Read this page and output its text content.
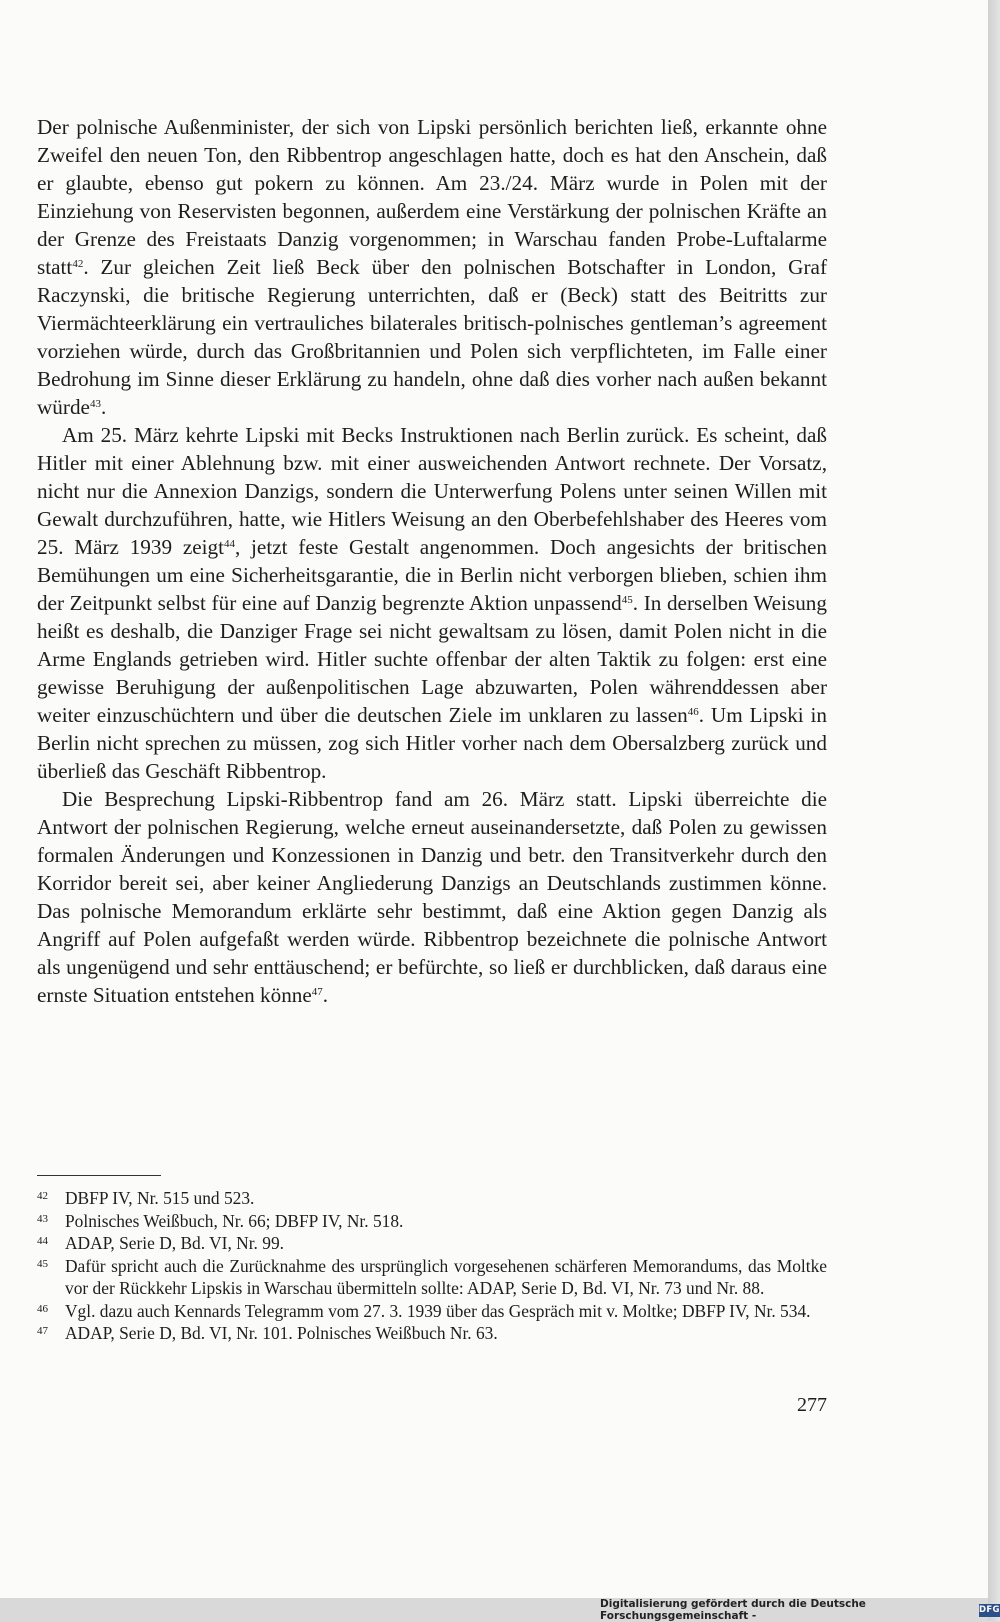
Der polnische Außenminister, der sich von Lipski persönlich berichten ließ, erkannte ohne Zweifel den neuen Ton, den Ribbentrop angeschlagen hatte, doch es hat den Anschein, daß er glaubte, ebenso gut pokern zu können. Am 23./24. März wurde in Polen mit der Einziehung von Reservisten begonnen, außerdem eine Verstärkung der polnischen Kräfte an der Grenze des Freistaats Danzig vorgenommen; in Warschau fanden Probe-Luftalarme statt$^{42}$. Zur gleichen Zeit ließ Beck über den polnischen Botschafter in London, Graf Raczynski, die britische Regierung unterrichten, daß er (Beck) statt des Beitritts zur Viermächteerklärung ein vertrauliches bilaterales britisch-polnisches gentleman’s agreement vorziehen würde, durch das Großbritannien und Polen sich verpflichteten, im Falle einer Bedrohung im Sinne dieser Erklärung zu handeln, ohne daß dies vorher nach außen bekannt würde$^{43}$.

Am 25. März kehrte Lipski mit Becks Instruktionen nach Berlin zurück. Es scheint, daß Hitler mit einer Ablehnung bzw. mit einer ausweichenden Antwort rechnete. Der Vorsatz, nicht nur die Annexion Danzigs, sondern die Unterwerfung Polens unter seinen Willen mit Gewalt durchzuführen, hatte, wie Hitlers Weisung an den Oberbefehlshaber des Heeres vom 25. März 1939 zeigt$^{44}$, jetzt feste Gestalt angenommen. Doch angesichts der britischen Bemühungen um eine Sicherheitsgarantie, die in Berlin nicht verborgen blieben, schien ihm der Zeitpunkt selbst für eine auf Danzig begrenzte Aktion unpassend$^{45}$. In derselben Weisung heißt es deshalb, die Danziger Frage sei nicht gewaltsam zu lösen, damit Polen nicht in die Arme Englands getrieben wird. Hitler suchte offenbar der alten Taktik zu folgen: erst eine gewisse Beruhigung der außenpolitischen Lage abzuwarten, Polen währenddessen aber weiter einzuschüchtern und über die deutschen Ziele im unklaren zu lassen$^{46}$. Um Lipski in Berlin nicht sprechen zu müssen, zog sich Hitler vorher nach dem Obersalzberg zurück und überließ das Geschäft Ribbentrop.

Die Besprechung Lipski-Ribbentrop fand am 26. März statt. Lipski überreichte die Antwort der polnischen Regierung, welche erneut auseinandersetzte, daß Polen zu gewissen formalen Änderungen und Konzessionen in Danzig und betr. den Transitverkehr durch den Korridor bereit sei, aber keiner Angliederung Danzigs an Deutschlands zustimmen könne. Das polnische Memorandum erklärte sehr bestimmt, daß eine Aktion gegen Danzig als Angriff auf Polen aufgefaßt werden würde. Ribbentrop bezeichnete die polnische Antwort als ungenügend und sehr enttäuschend; er befürchte, so ließ er durchblicken, daß daraus eine ernste Situation entstehen könne$^{47}$.

42 DBFP IV, Nr. 515 und 523.
43 Polnisches Weißbuch, Nr. 66; DBFP IV, Nr. 518.
44 ADAP, Serie D, Bd. VI, Nr. 99.
45 Dafür spricht auch die Zurücknahme des ursprünglich vorgesehenen schärferen Memorandums, das Moltke vor der Rückkehr Lipskis in Warschau übermitteln sollte: ADAP, Serie D, Bd. VI, Nr. 73 und Nr. 88.
46 Vgl. dazu auch Kennards Telegramm vom 27. 3. 1939 über das Gespräch mit v. Moltke; DBFP IV, Nr. 534.
47 ADAP, Serie D, Bd. VI, Nr. 101. Polnisches Weißbuch Nr. 63.
277
Digitalisierung gefördert durch die Deutsche Forschungsgemeinschaft -	DFG
